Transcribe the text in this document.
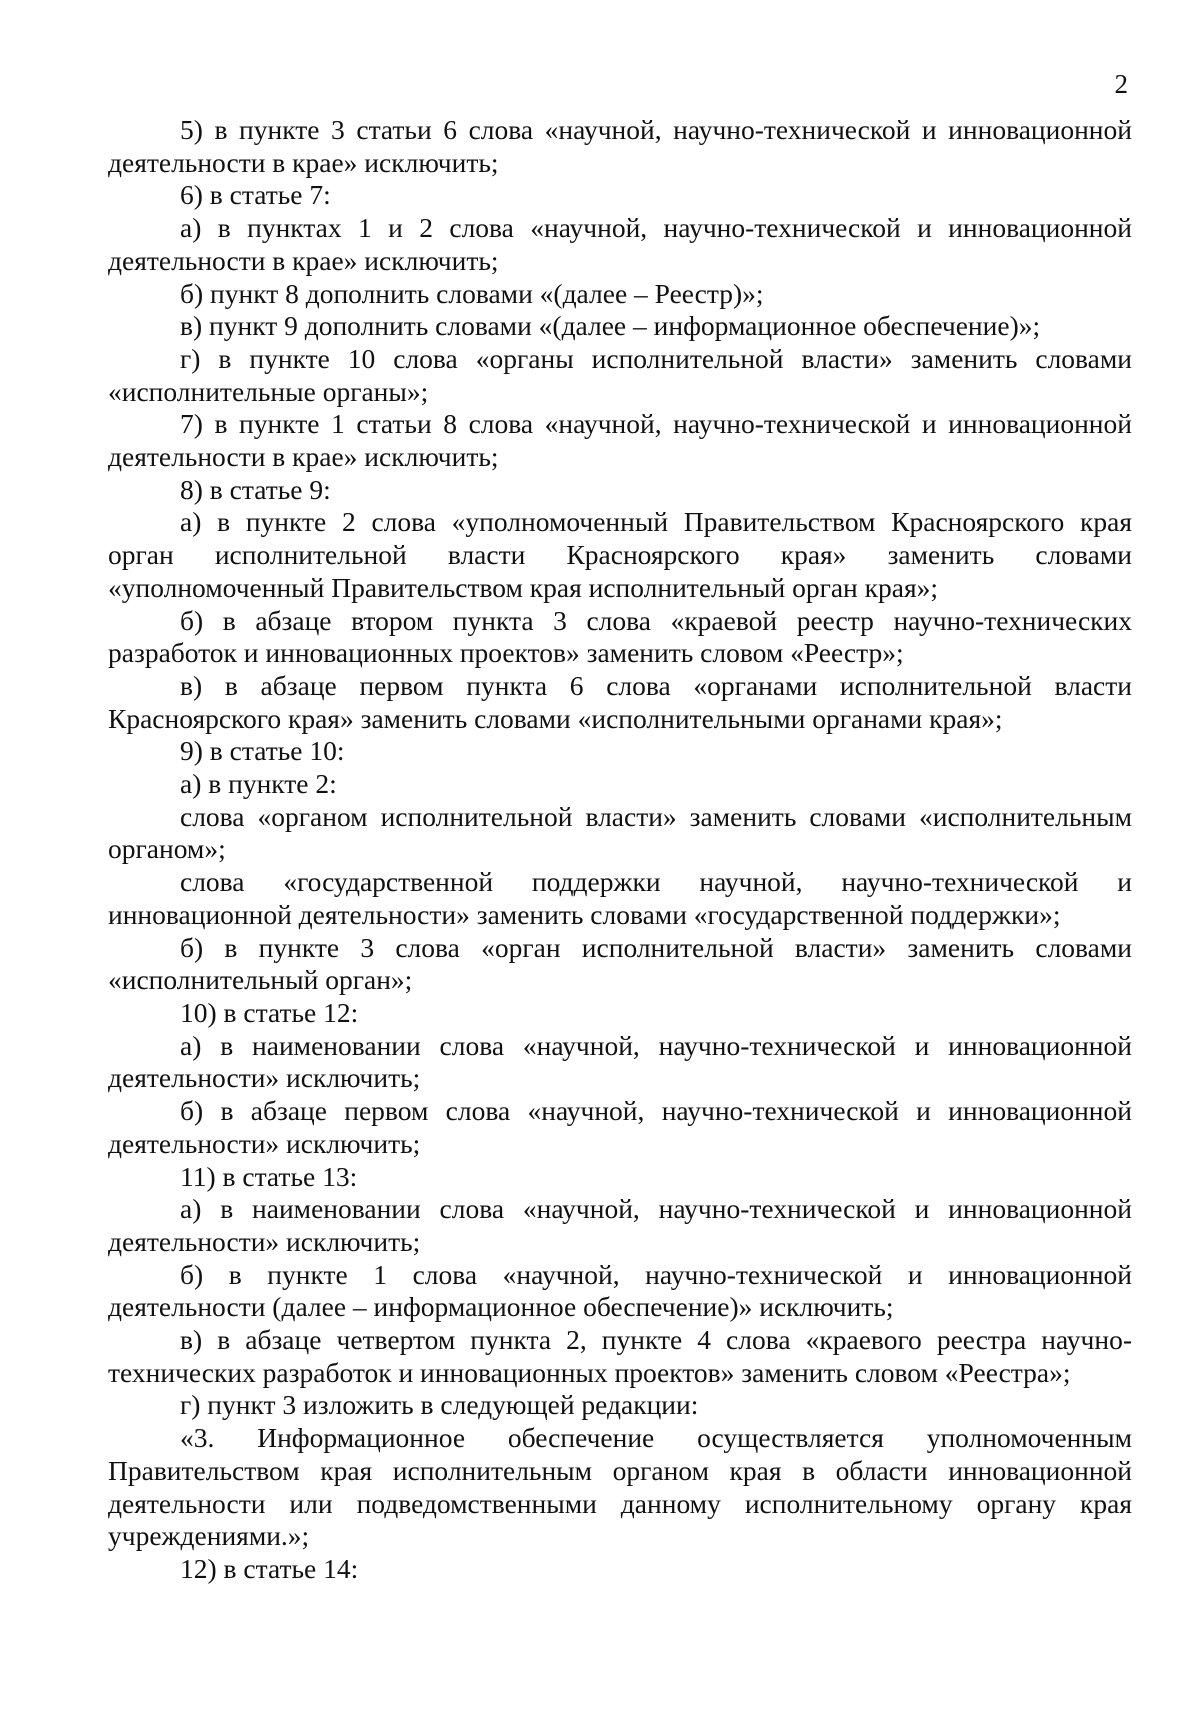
2

5) в пункте 3 статьи 6 слова «научной, научно-технической и инновационной деятельности в крае» исключить;

6) в статье 7:

а) в пунктах 1 и 2 слова «научной, научно-технической и инновационной деятельности в крае» исключить;

б) пункт 8 дополнить словами «(далее – Реестр)»;

в) пункт 9 дополнить словами «(далее – информационное обеспечение)»;

г) в пункте 10 слова «органы исполнительной власти» заменить словами «исполнительные органы»;

7) в пункте 1 статьи 8 слова «научной, научно-технической и инновационной деятельности в крае» исключить;

8) в статье 9:

а) в пункте 2 слова «уполномоченный Правительством Красноярского края орган исполнительной власти Красноярского края» заменить словами «уполномоченный Правительством края исполнительный орган края»;

б) в абзаце втором пункта 3 слова «краевой реестр научно-технических разработок и инновационных проектов» заменить словом «Реестр»;

в) в абзаце первом пункта 6 слова «органами исполнительной власти Красноярского края» заменить словами «исполнительными органами края»;

9) в статье 10:

а) в пункте 2:

слова «органом исполнительной власти» заменить словами «исполнительным органом»;

слова «государственной поддержки научной, научно-технической и инновационной деятельности» заменить словами «государственной поддержки»;

б) в пункте 3 слова «орган исполнительной власти» заменить словами «исполнительный орган»;

10) в статье 12:

а) в наименовании слова «научной, научно-технической и инновационной деятельности» исключить;

б) в абзаце первом слова «научной, научно-технической и инновационной деятельности» исключить;

11) в статье 13:

а) в наименовании слова «научной, научно-технической и инновационной деятельности» исключить;

б) в пункте 1 слова «научной, научно-технической и инновационной деятельности (далее – информационное обеспечение)» исключить;

в) в абзаце четвертом пункта 2, пункте 4 слова «краевого реестра научно-технических разработок и инновационных проектов» заменить словом «Реестра»;

г) пункт 3 изложить в следующей редакции:

«3. Информационное обеспечение осуществляется уполномоченным Правительством края исполнительным органом края в области инновационной деятельности или подведомственными данному исполнительному органу края учреждениями.»;

12) в статье 14:
